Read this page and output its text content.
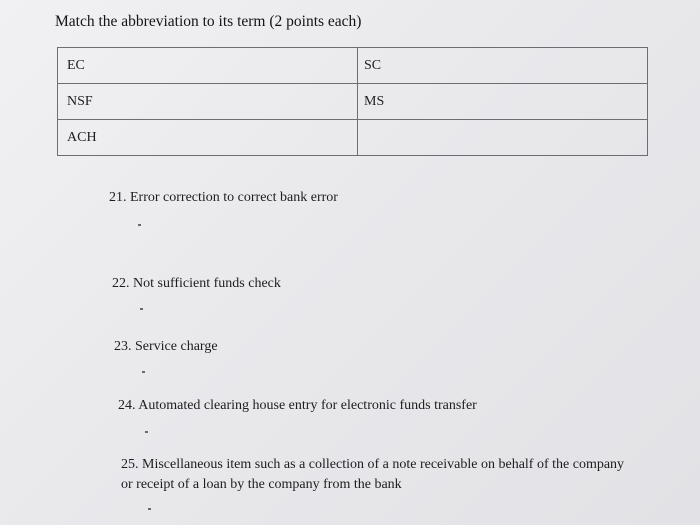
Match the abbreviation to its term (2 points each)
EC	SC
NSF	MS
ACH	
21. Error correction to correct bank error
22. Not sufficient funds check
23. Service charge
24. Automated clearing house entry for electronic funds transfer
25. Miscellaneous item such as a collection of a note receivable on behalf of the company
or receipt of a loan by the company from the bank
